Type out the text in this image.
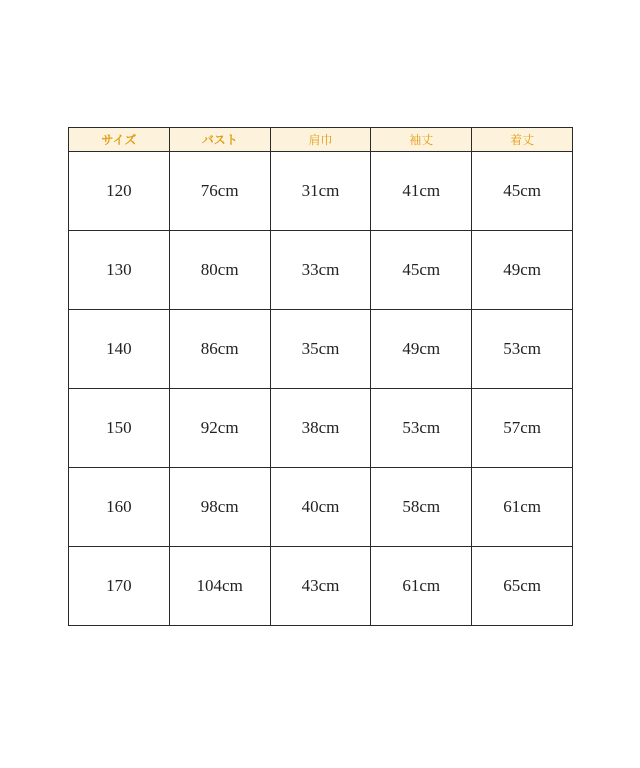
サイズ	バスト	肩巾	袖丈	着丈
120	76cm	31cm	41cm	45cm
130	80cm	33cm	45cm	49cm
140	86cm	35cm	49cm	53cm
150	92cm	38cm	53cm	57cm
160	98cm	40cm	58cm	61cm
170	104cm	43cm	61cm	65cm
